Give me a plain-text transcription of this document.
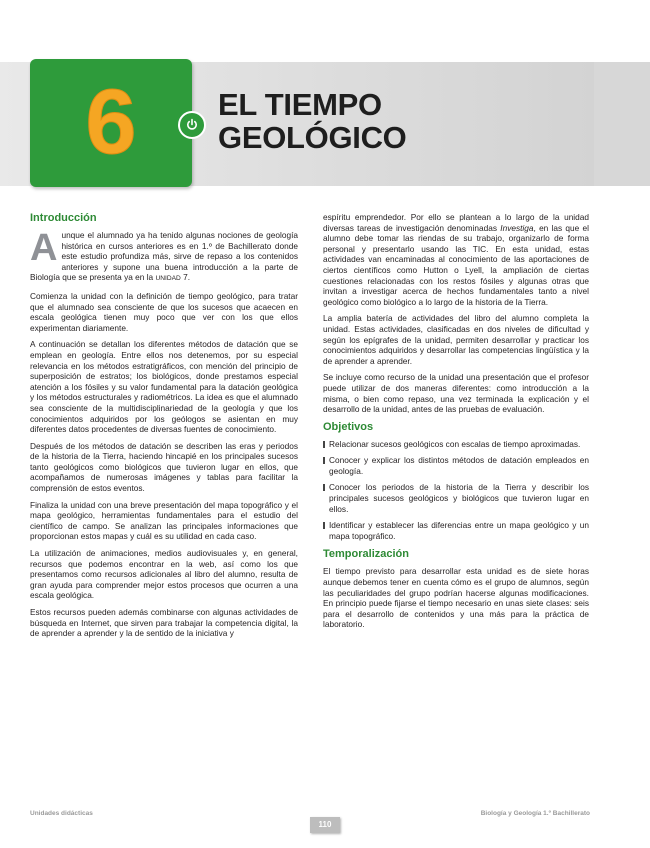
6	EL TIEMPO
GEOLÓGICO
Introducción

Aunque el alumnado ya ha tenido algunas nociones de geología histórica en cursos anteriores es en 1.º de Bachillerato donde este estudio profundiza más, sirve de repaso a los contenidos anteriores y supone una buena introducción a la parte de Biología que se presenta ya en la UNIDAD 7.

Comienza la unidad con la definición de tiempo geológico, para tratar que el alumnado sea consciente de que los sucesos que acaecen en escala geológica tienen muy poco que ver con los que ellos experimentan diariamente.

A continuación se detallan los diferentes métodos de datación que se emplean en geología. Entre ellos nos detenemos, por su especial relevancia en los métodos estratigráficos, con mención del principio de superposición de estratos; los biológicos, donde prestamos especial atención a los fósiles y su valor fundamental para la datación geológica y los métodos estructurales y radiométricos. La idea es que el alumnado sea consciente de la multidisciplinariedad de la geología y que los conocimientos adquiridos por los geólogos se asientan en muy diferentes datos procedentes de diversas fuentes de conocimiento.

Después de los métodos de datación se describen las eras y periodos de la historia de la Tierra, haciendo hincapié en los principales sucesos tanto geológicos como biológicos que tuvieron lugar en ellos, que acompañamos de numerosas imágenes y tablas para facilitar la comprensión de estos eventos.

Finaliza la unidad con una breve presentación del mapa topográfico y el mapa geológico, herramientas fundamentales para el estudio del científico de campo. Se analizan las principales informaciones que proporcionan estos mapas y cuál es su utilidad en cada caso.

La utilización de animaciones, medios audiovisuales y, en general, recursos que podemos encontrar en la web, así como los que presentamos como recursos adicionales al libro del alumno, resulta de gran ayuda para comprender mejor estos procesos que ocurren a una escala geológica.

Estos recursos pueden además combinarse con algunas actividades de búsqueda en Internet, que sirven para trabajar la competencia digital, la de aprender a aprender y la de sentido de la iniciativa y

espíritu emprendedor. Por ello se plantean a lo largo de la unidad diversas tareas de investigación denominadas Investiga, en las que el alumno debe tomar las riendas de su trabajo, organizarlo de forma personal y presentarlo usando las TIC. En esta unidad, estas actividades van encaminadas al conocimiento de las aportaciones de ciertos científicos como Hutton o Lyell, la ampliación de ciertas cuestiones relacionadas con los restos fósiles y algunas otras que invitan a investigar acerca de hechos fundamentales tanto a nivel geológico como biológico a lo largo de la historia de la Tierra.

La amplia batería de actividades del libro del alumno completa la unidad. Estas actividades, clasificadas en dos niveles de dificultad y según los epígrafes de la unidad, permiten desarrollar y practicar los conocimientos adquiridos y desarrollar las competencias lingüística y la de aprender a aprender.

Se incluye como recurso de la unidad una presentación que el profesor puede utilizar de dos maneras diferentes: como introducción a la misma, o bien como repaso, una vez terminada la explicación y el desarrollo de la unidad, antes de las pruebas de evaluación.

Objetivos
Relacionar sucesos geológicos con escalas de tiempo aproximadas.
Conocer y explicar los distintos métodos de datación empleados en geología.
Conocer los periodos de la historia de la Tierra y describir los principales sucesos geológicos y biológicos que tuvieron lugar en ellos.
Identificar y establecer las diferencias entre un mapa geológico y un mapa topográfico.
Temporalización

El tiempo previsto para desarrollar esta unidad es de siete horas aunque debemos tener en cuenta cómo es el grupo de alumnos, según las peculiaridades del grupo podrían hacerse algunas modificaciones. En principio puede fijarse el tiempo necesario en unas siete clases: seis para el desarrollo de contenidos y una más para la práctica de laboratorio.

Unidades didácticas	Biología y Geología 1.º Bachillerato
110
